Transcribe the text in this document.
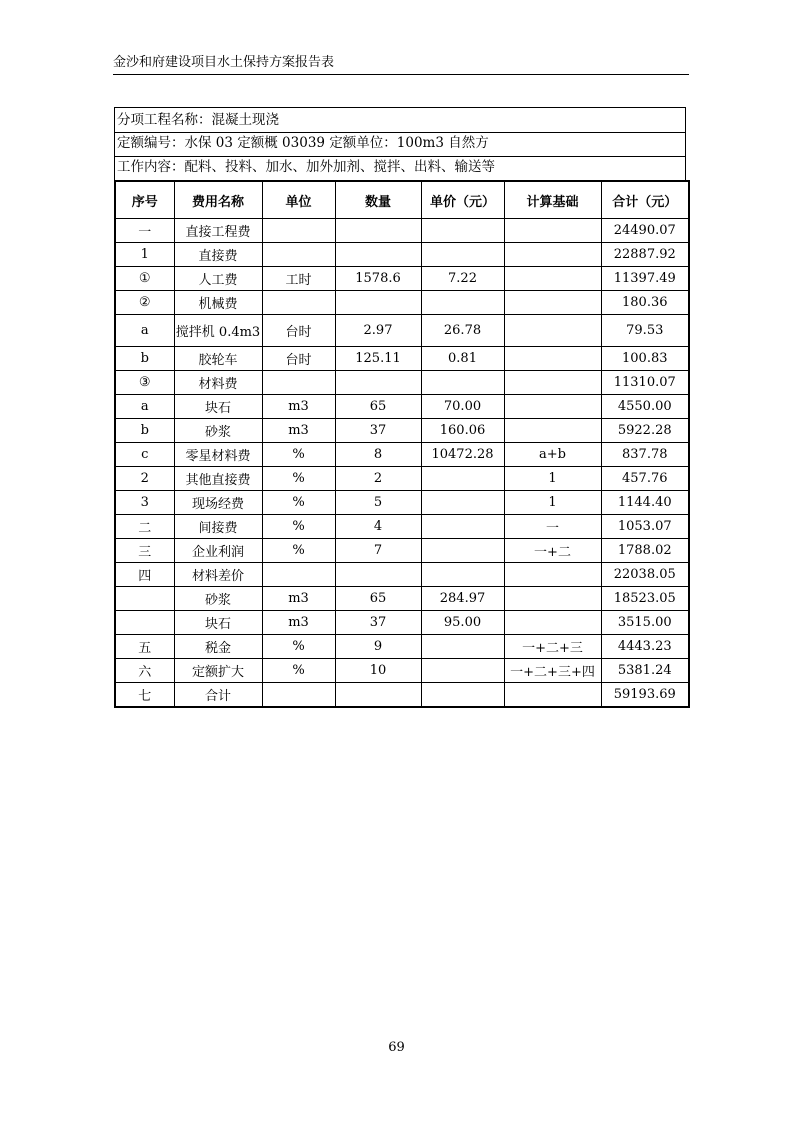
金沙和府建设项目水土保持方案报告表
分项工程名称：混凝土现浇
定额编号：水保 03 定额概 03039 定额单位：100m3 自然方
工作内容：配料、投料、加水、加外加剂、搅拌、出料、输送等
序号	费用名称	单位	数量	单价（元）	计算基础	合计（元）
一	直接工程费					24490.07
1	直接费					22887.92
①	人工费	工时	1578.6	7.22		11397.49
②	机械费					180.36
a	搅拌机 0.4m3	台时	2.97	26.78		79.53
b	胶轮车	台时	125.11	0.81		100.83
③	材料费					11310.07
a	块石	m3	65	70.00		4550.00
b	砂浆	m3	37	160.06		5922.28
c	零星材料费	%	8	10472.28	a+b	837.78
2	其他直接费	%	2		1	457.76
3	现场经费	%	5		1	1144.40
二	间接费	%	4		一	1053.07
三	企业利润	%	7		一+二	1788.02
四	材料差价					22038.05
	砂浆	m3	65	284.97		18523.05
	块石	m3	37	95.00		3515.00
五	税金	%	9		一+二+三	4443.23
六	定额扩大	%	10		一+二+三+四	5381.24
七	合计					59193.69
69
